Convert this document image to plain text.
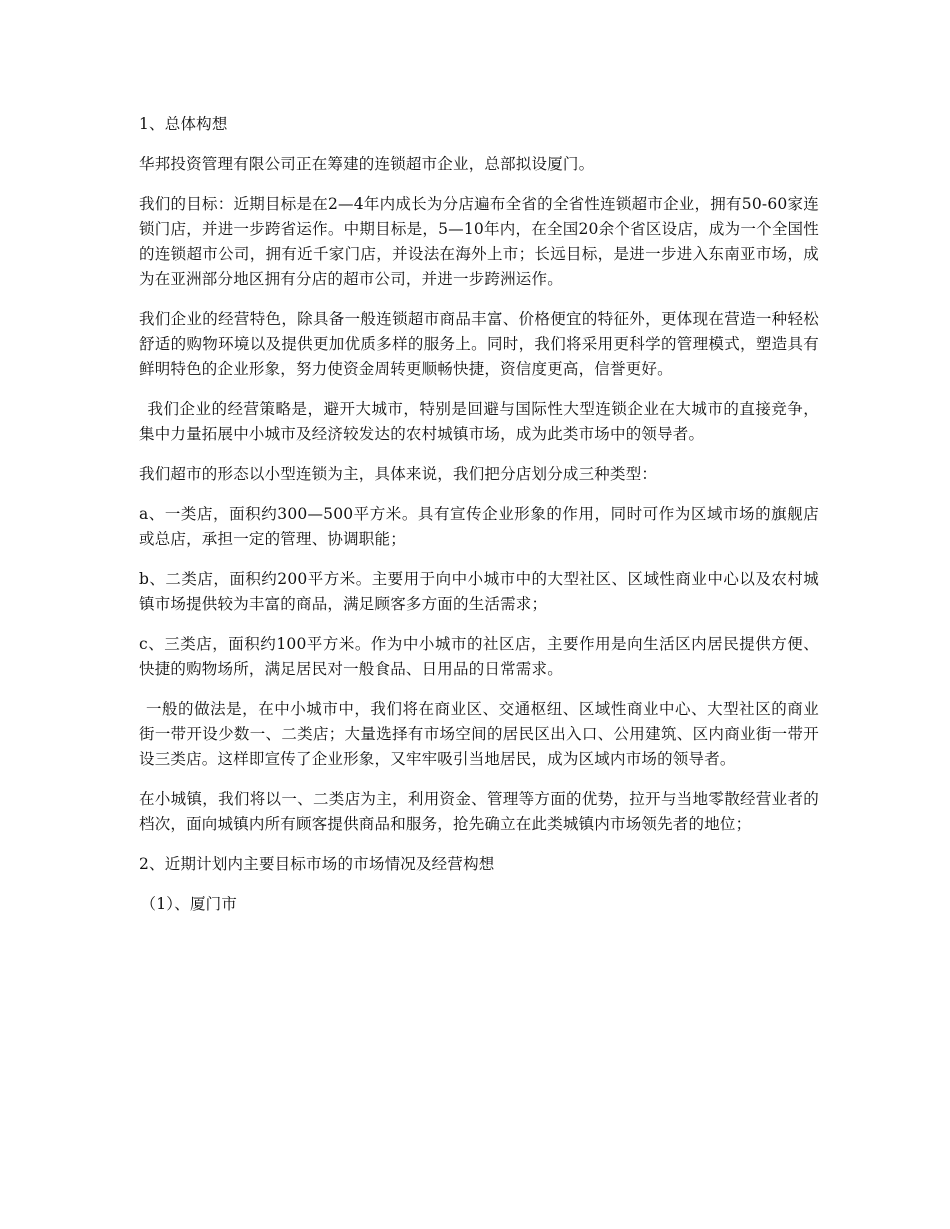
1、总体构想

华邦投资管理有限公司正在筹建的连锁超市企业，总部拟设厦门。

我们的目标：近期目标是在2—4年内成长为分店遍布全省的全省性连锁超市企业，拥有50-60家连锁门店，并进一步跨省运作。中期目标是，5—10年内，在全国20余个省区设店，成为一个全国性的连锁超市公司，拥有近千家门店，并设法在海外上市；长远目标，是进一步进入东南亚市场，成为在亚洲部分地区拥有分店的超市公司，并进一步跨洲运作。

我们企业的经营特色，除具备一般连锁超市商品丰富、价格便宜的特征外，更体现在营造一种轻松舒适的购物环境以及提供更加优质多样的服务上。同时，我们将采用更科学的管理模式，塑造具有鲜明特色的企业形象，努力使资金周转更顺畅快捷，资信度更高，信誉更好。

我们企业的经营策略是，避开大城市，特别是回避与国际性大型连锁企业在大城市的直接竞争，集中力量拓展中小城市及经济较发达的农村城镇市场，成为此类市场中的领导者。

我们超市的形态以小型连锁为主，具体来说，我们把分店划分成三种类型：

a、一类店，面积约300—500平方米。具有宣传企业形象的作用，同时可作为区域市场的旗舰店或总店，承担一定的管理、协调职能；

b、二类店，面积约200平方米。主要用于向中小城市中的大型社区、区域性商业中心以及农村城镇市场提供较为丰富的商品，满足顾客多方面的生活需求；

c、三类店，面积约100平方米。作为中小城市的社区店，主要作用是向生活区内居民提供方便、快捷的购物场所，满足居民对一般食品、日用品的日常需求。

一般的做法是，在中小城市中，我们将在商业区、交通枢纽、区域性商业中心、大型社区的商业街一带开设少数一、二类店；大量选择有市场空间的居民区出入口、公用建筑、区内商业街一带开设三类店。这样即宣传了企业形象，又牢牢吸引当地居民，成为区域内市场的领导者。

在小城镇，我们将以一、二类店为主，利用资金、管理等方面的优势，拉开与当地零散经营业者的档次，面向城镇内所有顾客提供商品和服务，抢先确立在此类城镇内市场领先者的地位；

2、近期计划内主要目标市场的市场情况及经营构想

（1）、厦门市
